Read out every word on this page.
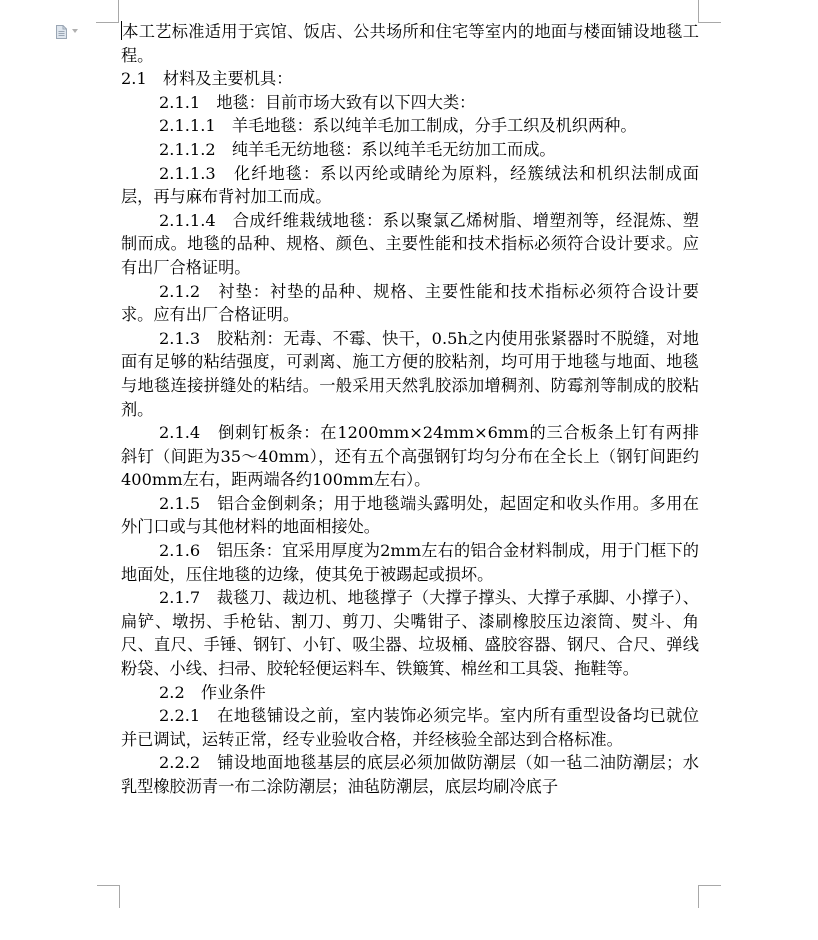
本工艺标准适用于宾馆、饭店、公共场所和住宅等室内的地面与楼面铺设地毯工程。

2.1　材料及主要机具：

2.1.1　地毯：目前市场大致有以下四大类：

2.1.1.1　羊毛地毯：系以纯羊毛加工制成，分手工织及机织两种。

2.1.1.2　纯羊毛无纺地毯：系以纯羊毛无纺加工而成。

2.1.1.3　化纤地毯：系以丙纶或睛纶为原料，经簇绒法和机织法制成面层，再与麻布背衬加工而成。

2.1.1.4　合成纤维栽绒地毯：系以聚氯乙烯树脂、增塑剂等，经混炼、塑制而成。地毯的品种、规格、颜色、主要性能和技术指标必须符合设计要求。应有出厂合格证明。

2.1.2　衬垫：衬垫的品种、规格、主要性能和技术指标必须符合设计要求。应有出厂合格证明。

2.1.3　胶粘剂：无毒、不霉、快干，0.5h之内使用张紧器时不脱缝，对地面有足够的粘结强度，可剥离、施工方便的胶粘剂，均可用于地毯与地面、地毯与地毯连接拼缝处的粘结。一般采用天然乳胶添加增稠剂、防霉剂等制成的胶粘剂。

2.1.4　倒刺钉板条：在1200mm×24mm×6mm的三合板条上钉有两排斜钉（间距为35～40mm），还有五个高强钢钉均匀分布在全长上（钢钉间距约400mm左右，距两端各约100mm左右）。

2.1.5　铝合金倒刺条；用于地毯端头露明处，起固定和收头作用。多用在外门口或与其他材料的地面相接处。

2.1.6　铝压条：宜采用厚度为2mm左右的铝合金材料制成，用于门框下的地面处，压住地毯的边缘，使其免于被踢起或损坏。

2.1.7　裁毯刀、裁边机、地毯撑子（大撑子撑头、大撑子承脚、小撑子）、扁铲、墩拐、手枪钻、割刀、剪刀、尖嘴钳子、漆刷橡胶压边滚筒、熨斗、角尺、直尺、手锤、钢钉、小钉、吸尘器、垃圾桶、盛胶容器、钢尺、合尺、弹线粉袋、小线、扫帚、胶轮轻便运料车、铁簸箕、棉丝和工具袋、拖鞋等。

2.2　作业条件

2.2.1　在地毯铺设之前，室内装饰必须完毕。室内所有重型设备均已就位并已调试，运转正常，经专业验收合格，并经核验全部达到合格标准。

2.2.2　铺设地面地毯基层的底层必须加做防潮层（如一毡二油防潮层；水乳型橡胶沥青一布二涂防潮层；油毡防潮层，底层均刷冷底子
